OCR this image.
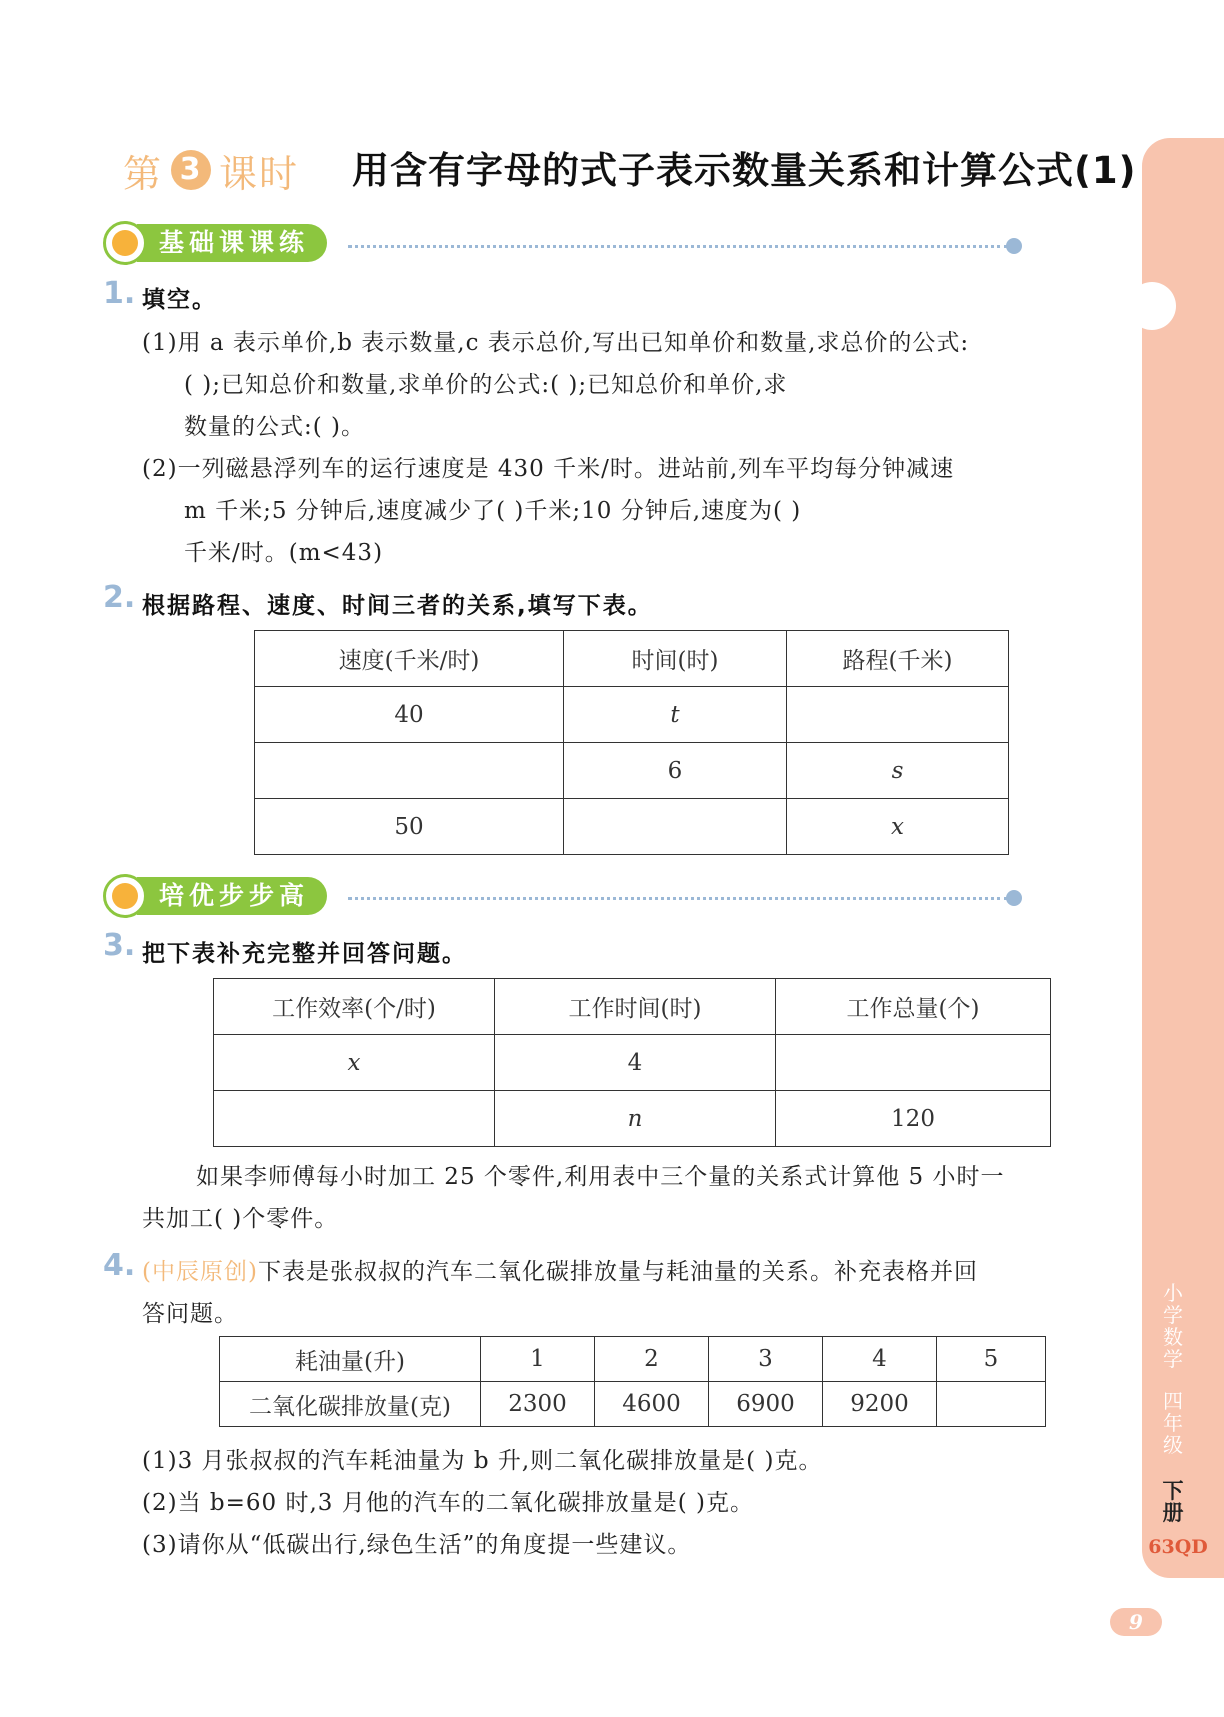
第 3 课时 用含有字母的式子表示数量关系和计算公式(1)
小学数学
四年级
下册
63QD
9
基础课课练
1. 填空。
(1)用 a 表示单价,b 表示数量,c 表示总价,写出已知单价和数量,求总价的公式:
( );已知总价和数量,求单价的公式:( );已知总价和单价,求
数量的公式:( )。
(2)一列磁悬浮列车的运行速度是 430 千米/时。进站前,列车平均每分钟减速
m 千米;5 分钟后,速度减少了( )千米;10 分钟后,速度为( )
千米/时。(m<43)
2. 根据路程、速度、时间三者的关系,填写下表。
速度(千米/时)	时间(时)	路程(千米)
40	t	
	6	s
50		x
培优步步高
3. 把下表补充完整并回答问题。
工作效率(个/时)	工作时间(时)	工作总量(个)
x	4	
	n	120
如果李师傅每小时加工 25 个零件,利用表中三个量的关系式计算他 5 小时一
共加工( )个零件。
4. (中辰原创)下表是张叔叔的汽车二氧化碳排放量与耗油量的关系。补充表格并回
答问题。
耗油量(升)	1	2	3	4	5
二氧化碳排放量(克)	2300	4600	6900	9200	
(1)3 月张叔叔的汽车耗油量为 b 升,则二氧化碳排放量是( )克。
(2)当 b=60 时,3 月他的汽车的二氧化碳排放量是( )克。
(3)请你从“低碳出行,绿色生活”的角度提一些建议。
